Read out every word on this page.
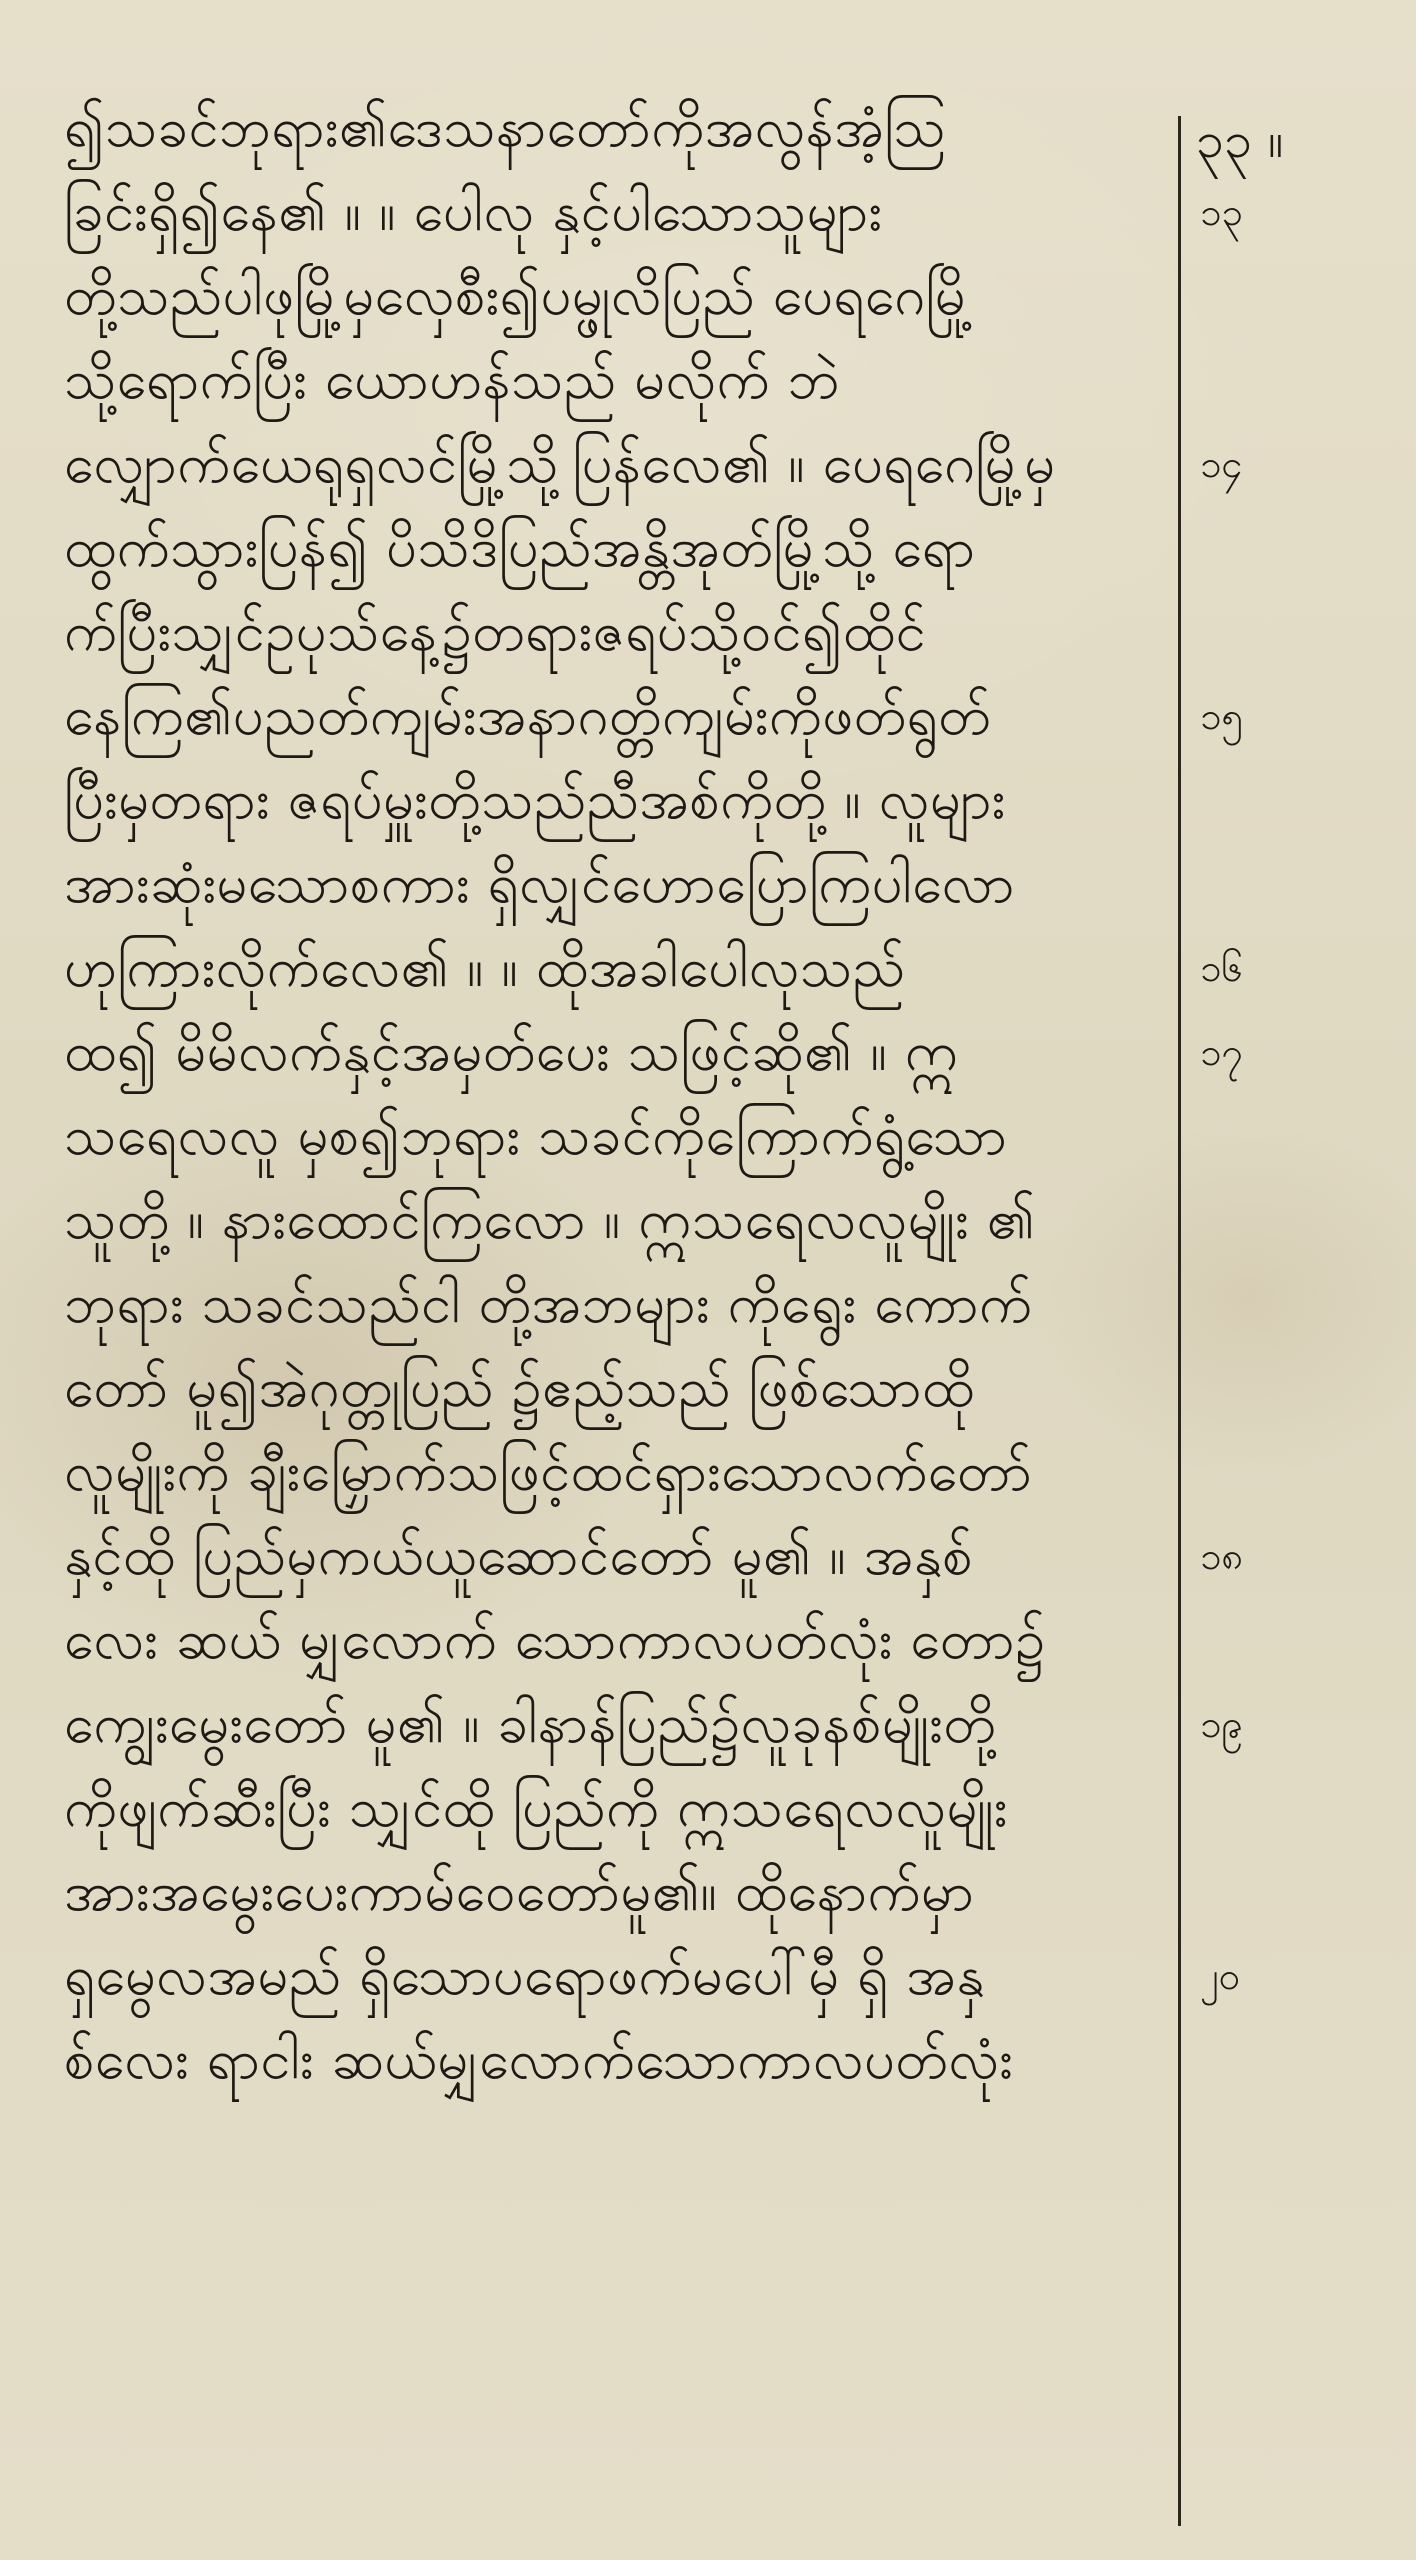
၍သခင်ဘုရား၏ဒေသနာတော်ကိုအလွန်အံ့ဩ
ခြင်းရှိ၍နေ၏ ။ ။ ပေါလု နှင့်ပါသောသူများ
တို့သည်ပါဖုမြို့မှလှေစီး၍ပမ္ဖုလိပြည် ပေရဂေမြို့
သို့ရောက်ပြီး ယောဟန်သည် မလိုက် ဘဲ
လျှောက်ယေရုရှလင်မြို့သို့ပြန်လေ၏ ။ ပေရဂေမြို့မှ
ထွက်သွားပြန်၍ ပိသိဒိပြည်အန္တိအုတ်မြို့သို့ ရော
က်ပြီးသျှင်ဥပုသ်နေ့၌တရားဇရပ်သို့ဝင်၍ထိုင်
နေကြ၏ပညတ်ကျမ်းအနာဂတ္တိကျမ်းကိုဖတ်ရွတ်
ပြီးမှတရား ဇရပ်မှူးတို့သည်ညီအစ်ကိုတို့ ။ လူများ
အားဆုံးမသောစကား ရှိလျှင်ဟောပြောကြပါလော
ဟုကြားလိုက်လေ၏ ။ ။ ထိုအခါပေါလုသည်
ထ၍ မိမိလက်နှင့်အမှတ်ပေး သဖြင့်ဆို၏ ။ ဣ
သရေလလူ မှစ၍ဘုရား သခင်ကိုကြောက်ရွံ့သော
သူတို့ ။ နားထောင်ကြလော ။ ဣသရေလလူမျိုး ၏
ဘုရား သခင်သည်ငါ တို့အဘများ ကိုရွေး ကောက်
တော် မူ၍အဲဂုတ္တုပြည် ၌ဧည့်သည် ဖြစ်သောထို
လူမျိုးကို ချီးမြှောက်သဖြင့်ထင်ရှားသောလက်တော်
နှင့်ထို ပြည်မှကယ်ယူဆောင်တော် မူ၏ ။ အနှစ်
လေး ဆယ် မျှလောက် သောကာလပတ်လုံး တော၌
ကျွေးမွေးတော် မူ၏ ။ ခါနာန်ပြည်၌လူခုနစ်မျိုးတို့
ကိုဖျက်ဆီးပြီး သျှင်ထို ပြည်ကို ဣသရေလလူမျိုး
အားအမွေးပေးကာမ်ဝေတော်မူ၏။ ထိုနောက်မှာ
ရှမွေလအမည် ရှိသောပရောဖက်မပေါ်မှီ ရှိ အနှ
စ်လေး ရာငါး ဆယ်မျှလောက်သောကာလပတ်လုံး
၃၃ ။
၁၃
၁၄
၁၅
၁၆
၁၇
၁၈
၁၉
၂၀
